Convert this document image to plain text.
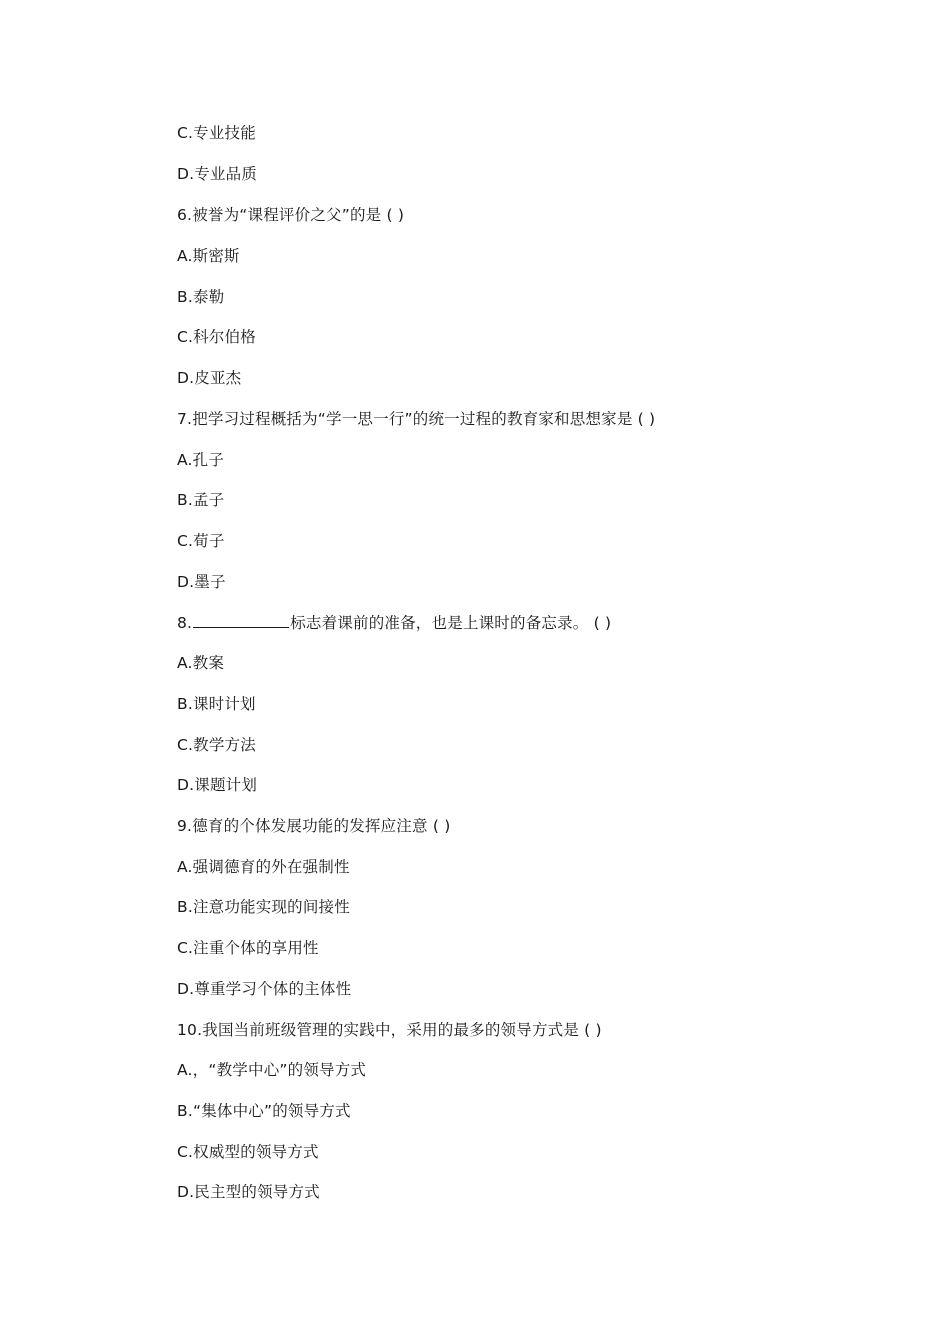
C.专业技能
D.专业品质
6.被誉为“课程评价之父”的是 ( )
A.斯密斯
B.泰勒
C.科尔伯格
D.皮亚杰
7.把学习过程概括为“学一思一行”的统一过程的教育家和思想家是 ( )
A.孔子
B.孟子
C.荀子
D.墨子
8.	标志着课前的准备，也是上课时的备忘录。 ( )
A.教案
B.课时计划
C.教学方法
D.课题计划
9.德育的个体发展功能的发挥应注意 ( )
A.强调德育的外在强制性
B.注意功能实现的间接性
C.注重个体的享用性
D.尊重学习个体的主体性
10.我国当前班级管理的实践中，采用的最多的领导方式是 ( )
A.，“教学中心”的领导方式
B.“集体中心”的领导方式
C.权威型的领导方式
D.民主型的领导方式
